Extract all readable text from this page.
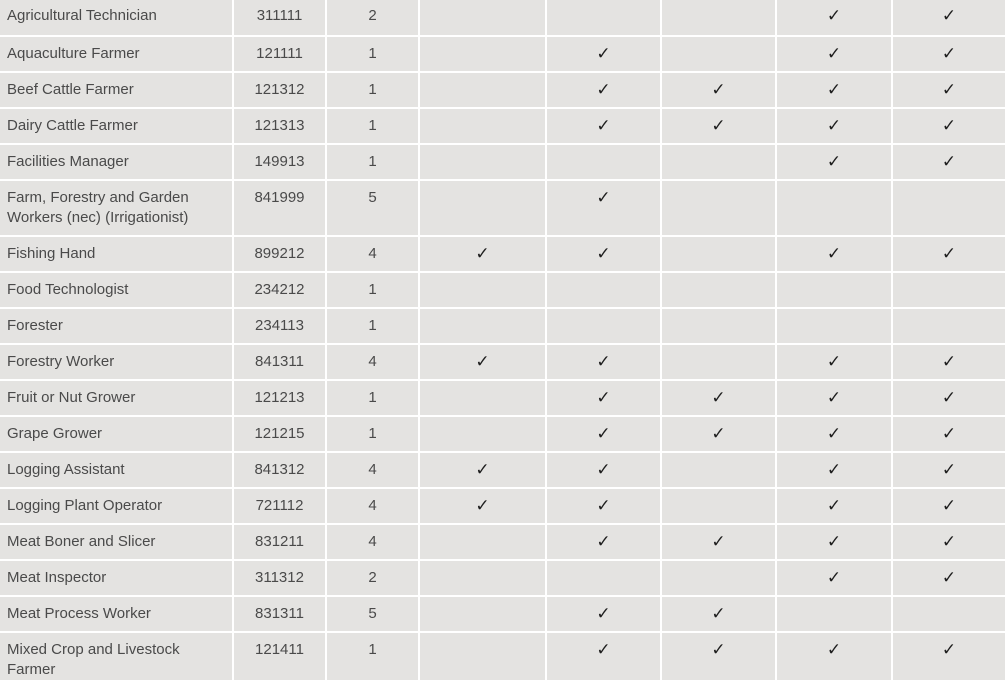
Agricultural Technician	311111	2				✓	✓
Aquaculture Farmer	121111	1		✓		✓	✓
Beef Cattle Farmer	121312	1		✓	✓	✓	✓
Dairy Cattle Farmer	121313	1		✓	✓	✓	✓
Facilities Manager	149913	1				✓	✓
Farm, Forestry and Garden Workers (nec) (Irrigationist)	841999	5		✓			
Fishing Hand	899212	4	✓	✓		✓	✓
Food Technologist	234212	1					
Forester	234113	1					
Forestry Worker	841311	4	✓	✓		✓	✓
Fruit or Nut Grower	121213	1		✓	✓	✓	✓
Grape Grower	121215	1		✓	✓	✓	✓
Logging Assistant	841312	4	✓	✓		✓	✓
Logging Plant Operator	721112	4	✓	✓		✓	✓
Meat Boner and Slicer	831211	4		✓	✓	✓	✓
Meat Inspector	311312	2				✓	✓
Meat Process Worker	831311	5		✓	✓		
Mixed Crop and Livestock Farmer	121411	1		✓	✓	✓	✓
